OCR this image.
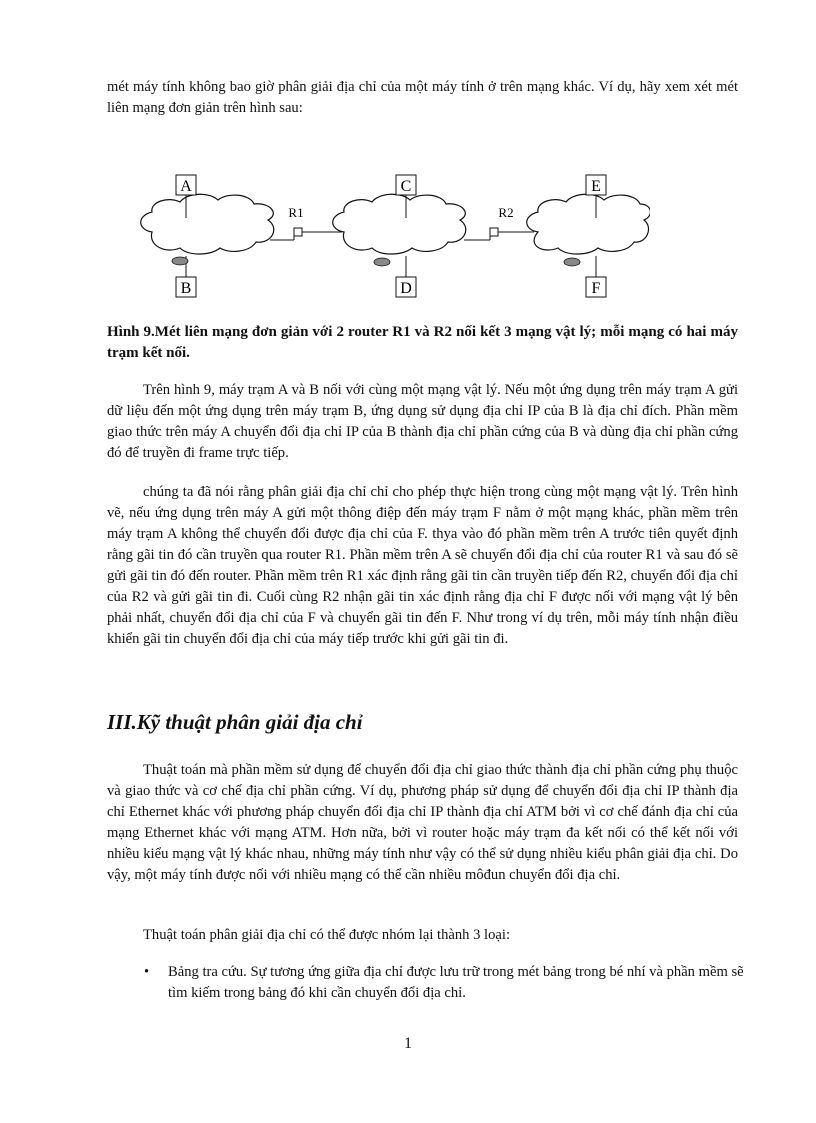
mét máy tính không bao giờ phân giải địa chỉ của một máy tính ở trên mạng khác. Ví dụ, hãy xem xét mét liên mạng đơn giản trên hình sau:

A
B
C
D
E
F
R1	R2

Hình 9.Mét liên mạng đơn giản với 2 router R1 và R2 nối kết 3 mạng vật lý; mỗi mạng có hai máy trạm kết nối.

Trên hình 9, máy trạm A và B nối với cùng một mạng vật lý. Nếu một ứng dụng trên máy trạm A gửi dữ liệu đến một ứng dụng trên máy trạm B, ứng dụng sử dụng địa chỉ IP của B là địa chỉ đích. Phần mềm giao thức trên máy A chuyển đổi địa chỉ IP của B thành địa chỉ phần cứng của B và dùng địa chỉ phần cứng đó để truyền đi frame trực tiếp.

chúng ta đã nói rằng phân giải địa chỉ chỉ cho phép thực hiện trong cùng một mạng vật lý. Trên hình vẽ, nếu ứng dụng trên máy A gửi một thông điệp đến máy trạm F nằm ở một mạng khác, phần mềm trên máy trạm A không thể chuyển đổi được địa chỉ của F. thya vào đó phần mềm trên A trước tiên quyết định rằng gãi tin đó cần truyền qua router R1. Phần mềm trên A sẽ chuyển đổi địa chỉ của router R1 và sau đó sẽ gửi gãi tin đó đến router. Phần mềm trên R1 xác định rằng gãi tin cần truyền tiếp đến R2, chuyển đổi địa chỉ của R2 và gửi gãi tin đi. Cuối cùng R2 nhận gãi tin xác định rằng địa chỉ F được nối với mạng vật lý bên phải nhất, chuyển đổi địa chỉ của F và chuyển gãi tin đến F. Như trong ví dụ trên, mỗi máy tính nhận điều khiển gãi tin chuyển đổi địa chỉ của máy tiếp trước khi gửi gãi tin đi.

III.Kỹ thuật phân giải địa chỉ

Thuật toán mà phần mềm sử dụng để chuyển đổi địa chỉ giao thức thành địa chỉ phần cứng phụ thuộc và giao thức và cơ chế địa chỉ phần cứng. Ví dụ, phương pháp sử dụng để chuyển đổi địa chỉ IP thành địa chỉ Ethernet khác với phương pháp chuyển đổi địa chỉ IP thành địa chỉ ATM bởi vì cơ chế đánh địa chỉ của mạng Ethernet khác với mạng ATM. Hơn nữa, bởi vì router hoặc máy trạm đa kết nối có thể kết nối với nhiều kiểu mạng vật lý khác nhau, những máy tính như vậy có thể sử dụng nhiều kiểu phân giải địa chỉ. Do vậy, một máy tính được nối với nhiều mạng có thể cần nhiều môđun chuyển đổi địa chỉ.

Thuật toán phân giải địa chỉ có thể được nhóm lại thành 3 loại:

• Bảng tra cứu. Sự tương ứng giữa địa chỉ được lưu trữ trong mét bảng trong bé nhí và phần mềm sẽ tìm kiếm trong bảng đó khi cần chuyển đổi địa chỉ.

1
